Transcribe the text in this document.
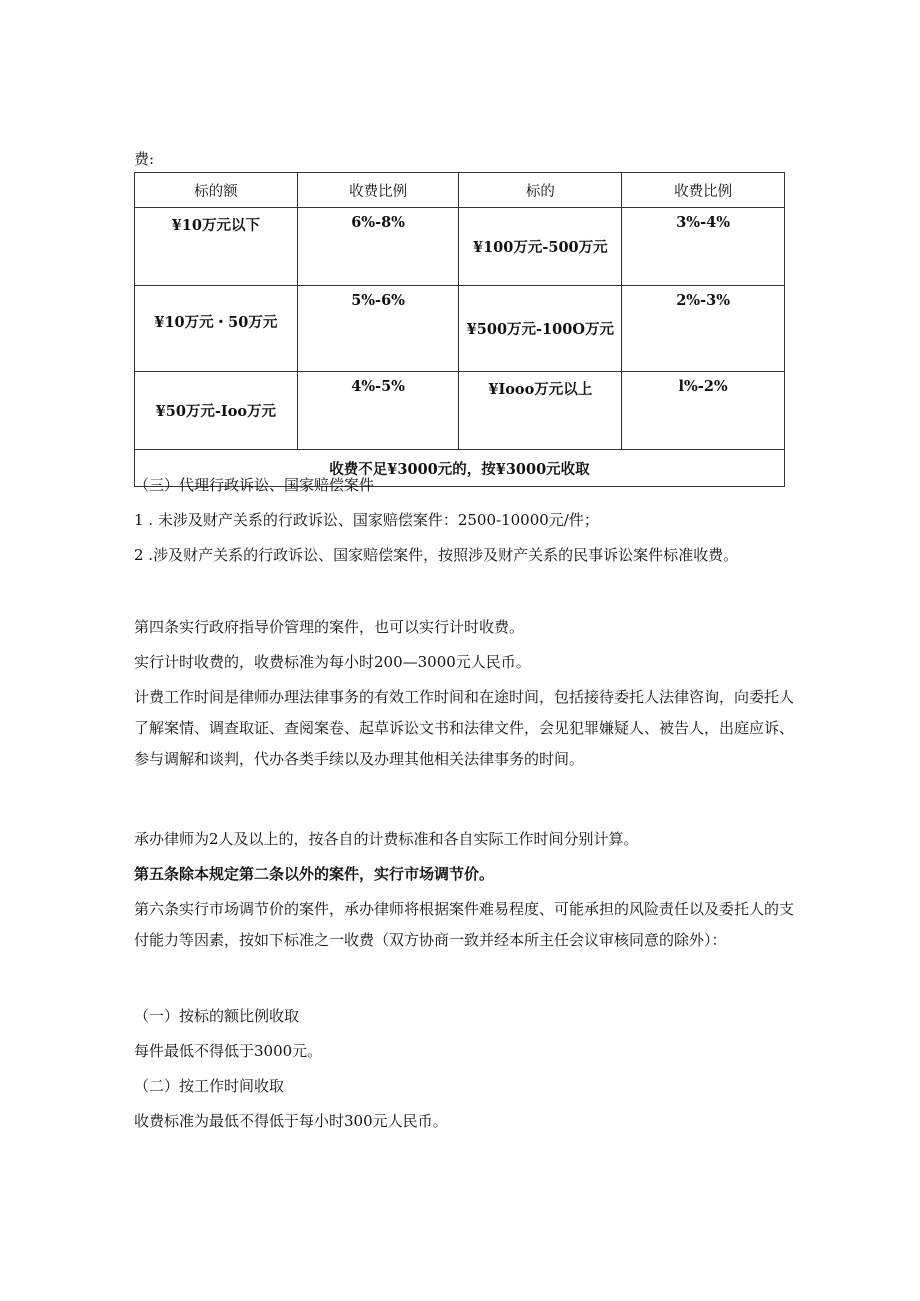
费:
标的额	收费比例	标的	收费比例
¥10万元以下	6%-8%	¥100万元-500万元	3%-4%
¥10万元・50万元	5%-6%	¥500万元-100O万元	2%-3%
¥50万元-Ioo万元	4%-5%	¥Iooo万元以上	l%-2%
收费不足¥3000元的，按¥3000元收取			

（三）代理行政诉讼、国家赔偿案件

1 . 未涉及财产关系的行政诉讼、国家赔偿案件：2500-10000元/件；

2 .涉及财产关系的行政诉讼、国家赔偿案件，按照涉及财产关系的民事诉讼案件标准收费。

第四条实行政府指导价管理的案件，也可以实行计时收费。

实行计时收费的，收费标准为每小时200—3000元人民币。

计费工作时间是律师办理法律事务的有效工作时间和在途时间，包括接待委托人法律咨询，向委托人了解案情、调查取证、查阅案卷、起草诉讼文书和法律文件，会见犯罪嫌疑人、被告人，出庭应诉、参与调解和谈判，代办各类手续以及办理其他相关法律事务的时间。

承办律师为2人及以上的，按各自的计费标准和各自实际工作时间分别计算。

第五条除本规定第二条以外的案件，实行市场调节价。

第六条实行市场调节价的案件，承办律师将根据案件难易程度、可能承担的风险责任以及委托人的支付能力等因素，按如下标准之一收费（双方协商一致并经本所主任会议审核同意的除外）：

（一）按标的额比例收取

每件最低不得低于3000元。

（二）按工作时间收取

收费标准为最低不得低于每小时300元人民币。
